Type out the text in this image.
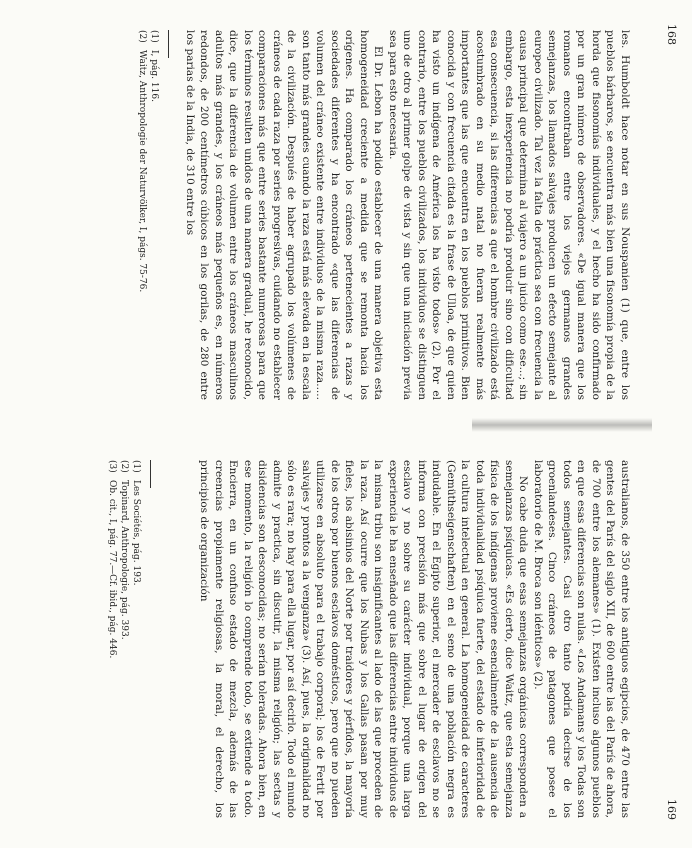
168

les. Humboldt hace notar en sus Nouspanien (1) que, entre los pueblos bárbaros, se encuentra más bien una fisonomía propia de la horda que fisonomías individuales, y el hecho ha sido confirmado por un gran número de observadores. «De igual manera que los romanos encontraban entre los viejos germanos grandes semejanzas, los llamados salvajes producen un efecto semejante al europeo civilizado. Tal vez la falta de práctica sea con frecuencia la causa principal que determina al viajero a un juicio como ese...; sin embargo, esta inexperiencia no podría producir sino con dificultad esa consecuencia, si las diferencias a que el hombre civilizado está acostumbrado en su medio natal no fueran realmente más importantes que las que encuentra en los pueblos primitivos. Bien conocida y con frecuencia citada es la frase de Ulloa, de que quien ha visto un indígena de América los ha visto todos» (2). Por el contrario, entre los pueblos civilizados, los individuos se distinguen uno de otro al primer golpe de vista y sin que una iniciación previa sea para esto necesaria.

El Dr. Lebon ha podido establecer de una manera objetiva esta homogeneidad creciente a medida que se remonta hacia los orígenes. Ha comparado los cráneos pertenecientes a razas y sociedades diferentes y ha encontrado «que las diferencias de volumen del cráneo existente entre individuos de la misma raza..... son tanto más grandes cuando la raza está más elevada en la escala de la civilización. Después de haber agrupado los volúmenes de cráneos de cada raza por series progresivas, cuidando no establecer comparaciones más que entre series bastante numerosas para que los términos resulten unidos de una manera gradual, he reconocido, dice, que la diferencia de volumen entre los cráneos masculinos adultos más grandes, y los cráneos más pequeños es, en números redondos, de 200 centímetros cúbicos en los gorilas, de 280 entre los parias de la India, de 310 entre los

(1)
I, pág. 116.
(2)
Waitz, Anthropologie der Naturvölker, I, págs. 75-76.
169

australianos, de 350 entre los antiguos egipcios, de 470 entre las gentes del París del siglo XII, de 600 entre las del París de ahora, de 700 entre los alemanes» (1). Existen incluso algunos pueblos en que esas diferencias son nulas. «Los Andamans y los Todas son todos semejantes. Casi otro tanto podría decirse de los groenlandeses. Cinco cráneos de patagones que posee el laboratorio de M. Broca son idénticos» (2).

No cabe duda que esas semejanzas orgánicas corresponden a semejanzas psíquicas. «Es cierto, dice Waitz, que esta semejanza física de los indígenas proviene esencialmente de la ausencia de toda individualidad psíquica fuerte, del estado de inferioridad de la cultura intelectual en general. La homogeneidad de caracteres (Gemüthseigenschaften) en el seno de una población negra es indudable. En el Egipto superior, el mercader de esclavos no se informa con precisión más que sobre el lugar de origen del esclavo y no sobre su carácter individual, porque una larga experiencia le ha enseñado que las diferencias entre individuos de la misma tribu son insignificantes al lado de las que proceden de la raza. Así ocurre que los Nubas y los Gallas pasan por muy fieles, los abisinios del Norte por traidores y pérfidos, la mayoría de los otros por buenos esclavos domésticos, pero que no pueden utilizarse en absoluto para el trabajo corporal; los de Fertit por salvajes y prontos a la venganza» (3). Así, pues, la originalidad no sólo es rara; no hay para ella lugar, por así decirlo. Todo el mundo admite y practica, sin discutir, la misma religión; las sectas y disidencias son desconocidas; no serían toleradas. Ahora bien, en ese momento, la religión lo comprende todo, se extiende a todo. Encierra, en un confuso estado de mezcla, además de las creencias propiamente religiosas, la moral, el derecho, los principios de organización

(1)
Les Sociétés, pág. 193.
(2)
Topinard, Anthropologie, pág. 393.
(3)
Ob. cit., I, pág. 77.—Cf. ibid., pág. 446.
